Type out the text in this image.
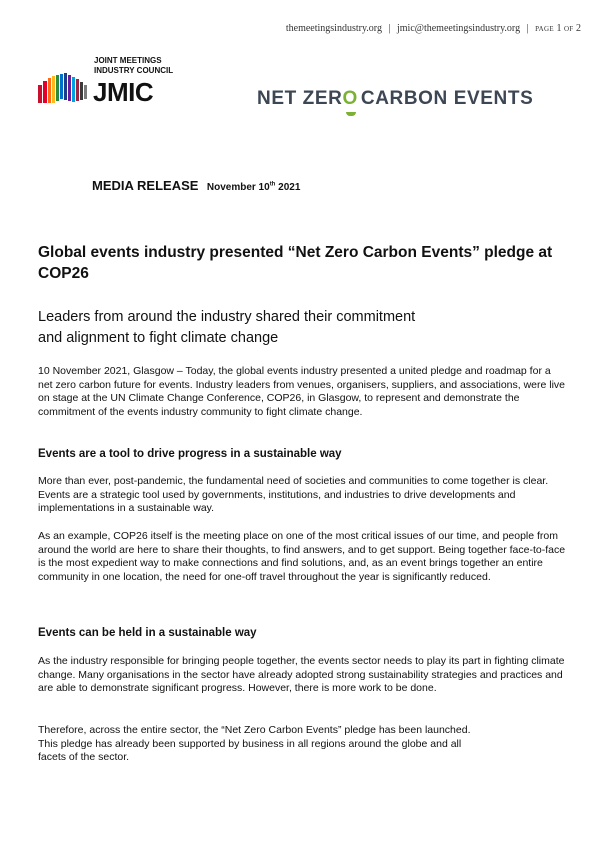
themeetingsindustry.org | jmic@themeetingsindustry.org | PAGE 1 OF 2
JOINT MEETINGS
INDUSTRY COUNCIL
JMIC	NET ZERO CARBON EVENTS
MEDIA RELEASE November 10th 2021
Global events industry presented “Net Zero Carbon Events” pledge at COP26
Leaders from around the industry shared their commitment
and alignment to fight climate change

10 November 2021, Glasgow – Today, the global events industry presented a united pledge and roadmap for a net zero carbon future for events. Industry leaders from venues, organisers, suppliers, and associations, were live on stage at the UN Climate Change Conference, COP26, in Glasgow, to represent and demonstrate the commitment of the events industry community to fight climate change.

Events are a tool to drive progress in a sustainable way

More than ever, post-pandemic, the fundamental need of societies and communities to come together is clear. Events are a strategic tool used by governments, institutions, and industries to drive developments and implementations in a sustainable way.

As an example, COP26 itself is the meeting place on one of the most critical issues of our time, and people from around the world are here to share their thoughts, to find answers, and to get support. Being together face-to-face is the most expedient way to make connections and find solutions, and, as an event brings together an entire community in one location, the need for one-off travel throughout the year is significantly reduced.

Events can be held in a sustainable way

As the industry responsible for bringing people together, the events sector needs to play its part in fighting climate change. Many organisations in the sector have already adopted strong sustainability strategies and practices and are able to demonstrate significant progress. However, there is more work to be done.

Therefore, across the entire sector, the “Net Zero Carbon Events” pledge has been launched.
This pledge has already been supported by business in all regions around the globe and all
facets of the sector.
